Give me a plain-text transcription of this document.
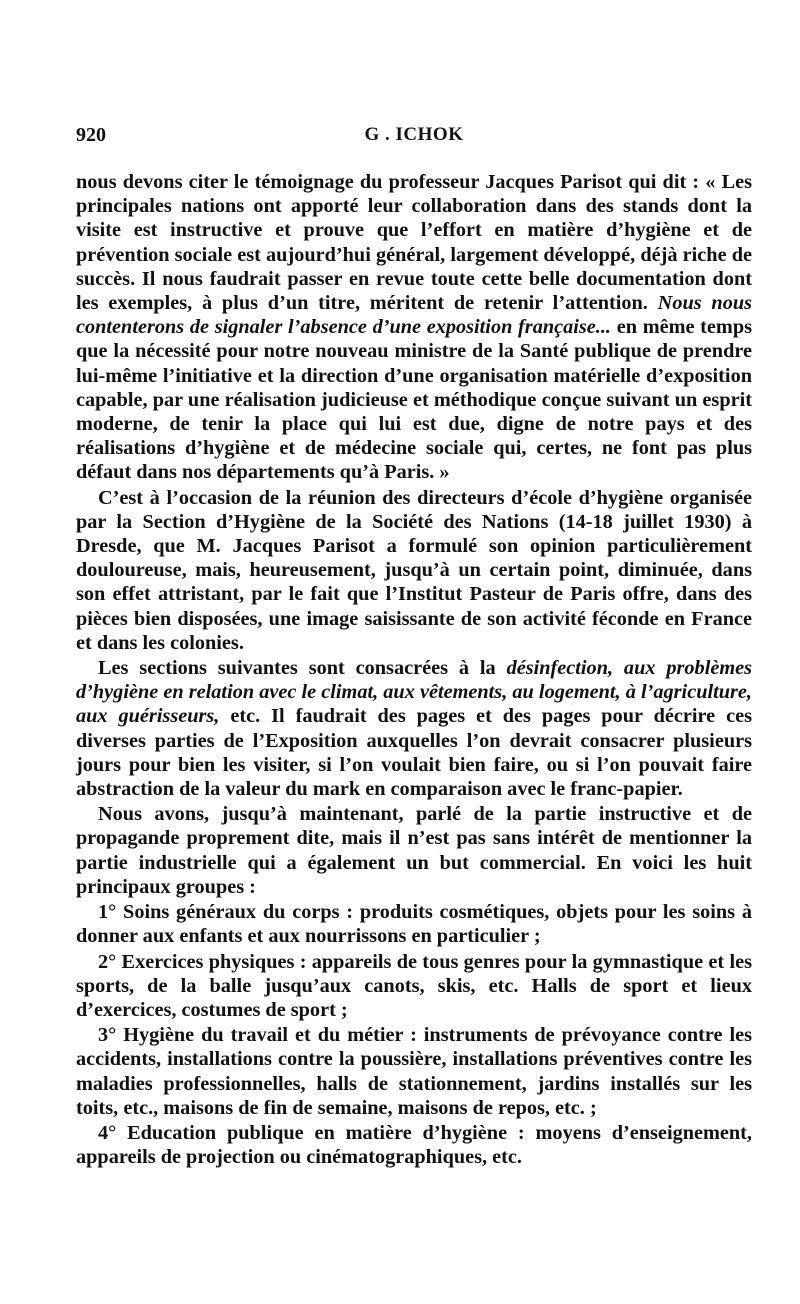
920	G . ICHOK

nous devons citer le témoignage du professeur Jacques Parisot qui dit : « Les principales nations ont apporté leur collaboration dans des stands dont la visite est instructive et prouve que l’effort en matière d’hygiène et de prévention sociale est aujourd’hui général, largement développé, déjà riche de succès. Il nous faudrait passer en revue toute cette belle documentation dont les exemples, à plus d’un titre, méritent de retenir l’attention. Nous nous contenterons de signaler l’absence d’une exposition française... en même temps que la nécessité pour notre nouveau ministre de la Santé publique de prendre lui-même l’initiative et la direction d’une organisation matérielle d’exposition capable, par une réalisation judicieuse et méthodique conçue suivant un esprit moderne, de tenir la place qui lui est due, digne de notre pays et des réalisations d’hygiène et de médecine sociale qui, certes, ne font pas plus défaut dans nos départements qu’à Paris. »

C’est à l’occasion de la réunion des directeurs d’école d’hygiène organisée par la Section d’Hygiène de la Société des Nations (14-18 juillet 1930) à Dresde, que M. Jacques Parisot a formulé son opinion particulièrement douloureuse, mais, heureusement, jusqu’à un certain point, diminuée, dans son effet attristant, par le fait que l’Institut Pasteur de Paris offre, dans des pièces bien disposées, une image saisissante de son activité féconde en France et dans les colonies.

Les sections suivantes sont consacrées à la désinfection, aux problèmes d’hygiène en relation avec le climat, aux vêtements, au logement, à l’agriculture, aux guérisseurs, etc. Il faudrait des pages et des pages pour décrire ces diverses parties de l’Exposition auxquelles l’on devrait consacrer plusieurs jours pour bien les visiter, si l’on voulait bien faire, ou si l’on pouvait faire abstraction de la valeur du mark en comparaison avec le franc-papier.

Nous avons, jusqu’à maintenant, parlé de la partie instructive et de propagande proprement dite, mais il n’est pas sans intérêt de mentionner la partie industrielle qui a également un but commercial. En voici les huit principaux groupes :

1° Soins généraux du corps : produits cosmétiques, objets pour les soins à donner aux enfants et aux nourrissons en particulier ;

2° Exercices physiques : appareils de tous genres pour la gymnastique et les sports, de la balle jusqu’aux canots, skis, etc. Halls de sport et lieux d’exercices, costumes de sport ;

3° Hygiène du travail et du métier : instruments de prévoyance contre les accidents, installations contre la poussière, installations préventives contre les maladies professionnelles, halls de stationnement, jardins installés sur les toits, etc., maisons de fin de semaine, maisons de repos, etc. ;

4° Education publique en matière d’hygiène : moyens d’enseignement, appareils de projection ou cinématographiques, etc.
